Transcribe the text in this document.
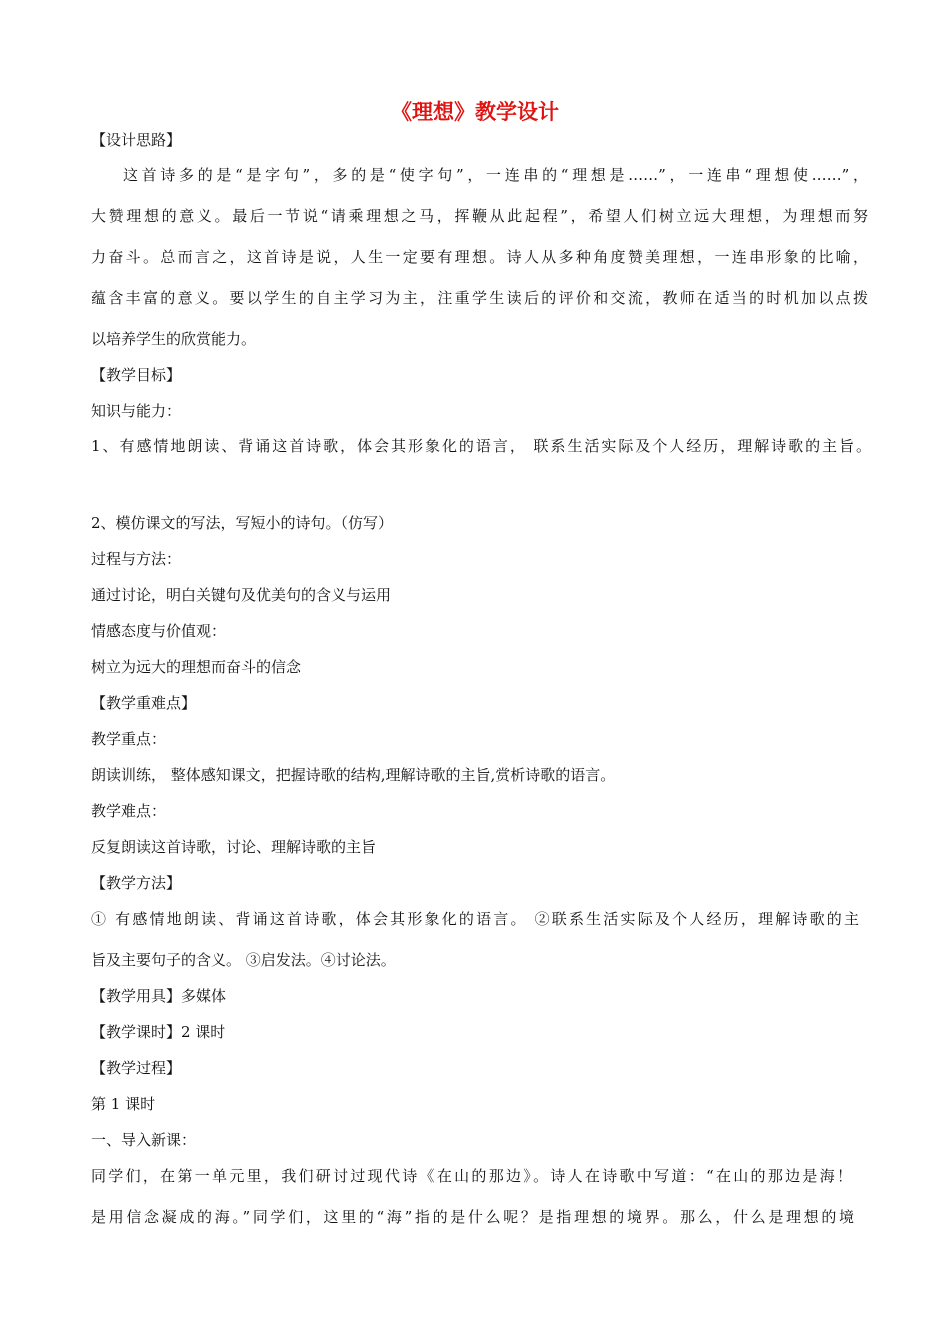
《理想》教学设计
【设计思路】
这首诗多的是“是字句”，多的是“使字句”，一连串的“理想是……”，一连串“理想使……”，
大赞理想的意义。最后一节说“请乘理想之马，挥鞭从此起程”，希望人们树立远大理想，为理想而努
力奋斗。总而言之，这首诗是说，人生一定要有理想。诗人从多种角度赞美理想，一连串形象的比喻，
蕴含丰富的意义。要以学生的自主学习为主，注重学生读后的评价和交流，教师在适当的时机加以点拨
以培养学生的欣赏能力。
【教学目标】
知识与能力：
1、有感情地朗读、背诵这首诗歌，体会其形象化的语言， 联系生活实际及个人经历，理解诗歌的主旨。
2、模仿课文的写法，写短小的诗句。（仿写）
过程与方法：
通过讨论，明白关键句及优美句的含义与运用
情感态度与价值观：
树立为远大的理想而奋斗的信念
【教学重难点】
教学重点：
朗读训练， 整体感知课文，把握诗歌的结构,理解诗歌的主旨,赏析诗歌的语言。
教学难点：
反复朗读这首诗歌，讨论、理解诗歌的主旨
【教学方法】
① 有感情地朗读、背诵这首诗歌，体会其形象化的语言。 ②联系生活实际及个人经历，理解诗歌的主
旨及主要句子的含义。 ③启发法。④讨论法。
【教学用具】多媒体
【教学课时】2 课时
【教学过程】
第 1 课时
一、导入新课：
同学们，在第一单元里，我们研讨过现代诗《在山的那边》。诗人在诗歌中写道：“在山的那边是海！
是用信念凝成的海。”同学们，这里的“海”指的是什么呢？是指理想的境界。那么，什么是理想的境
